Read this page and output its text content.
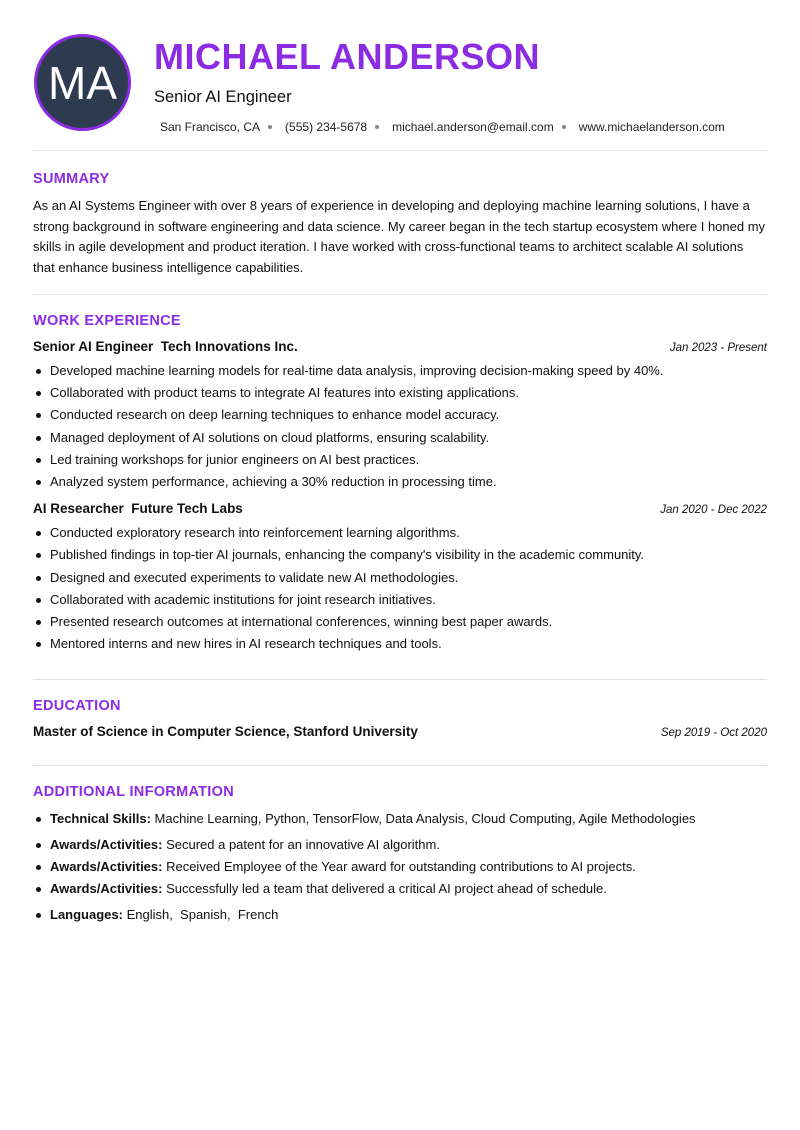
MA	MICHAEL ANDERSON
Senior AI Engineer
San Francisco, CA (555) 234-5678 michael.anderson@email.com www.michaelanderson.com
SUMMARY

As an AI Systems Engineer with over 8 years of experience in developing and deploying machine learning solutions, I have a strong background in software engineering and data science. My career began in the tech startup ecosystem where I honed my skills in agile development and product iteration. I have worked with cross-functional teams to architect scalable AI solutions that enhance business intelligence capabilities.

WORK EXPERIENCE
Senior AI Engineer  Tech Innovations Inc.	Jan 2023 - Present
Developed machine learning models for real-time data analysis, improving decision-making speed by 40%.
Collaborated with product teams to integrate AI features into existing applications.
Conducted research on deep learning techniques to enhance model accuracy.
Managed deployment of AI solutions on cloud platforms, ensuring scalability.
Led training workshops for junior engineers on AI best practices.
Analyzed system performance, achieving a 30% reduction in processing time.
AI Researcher  Future Tech Labs	Jan 2020 - Dec 2022
Conducted exploratory research into reinforcement learning algorithms.
Published findings in top-tier AI journals, enhancing the company's visibility in the academic community.
Designed and executed experiments to validate new AI methodologies.
Collaborated with academic institutions for joint research initiatives.
Presented research outcomes at international conferences, winning best paper awards.
Mentored interns and new hires in AI research techniques and tools.
EDUCATION
Master of Science in Computer Science, Stanford University	Sep 2019 - Oct 2020
ADDITIONAL INFORMATION
Technical Skills: Machine Learning, Python, TensorFlow, Data Analysis, Cloud Computing, Agile Methodologies
Awards/Activities: Secured a patent for an innovative AI algorithm.
Awards/Activities: Received Employee of the Year award for outstanding contributions to AI projects.
Awards/Activities: Successfully led a team that delivered a critical AI project ahead of schedule.
Languages: English,  Spanish,  French
